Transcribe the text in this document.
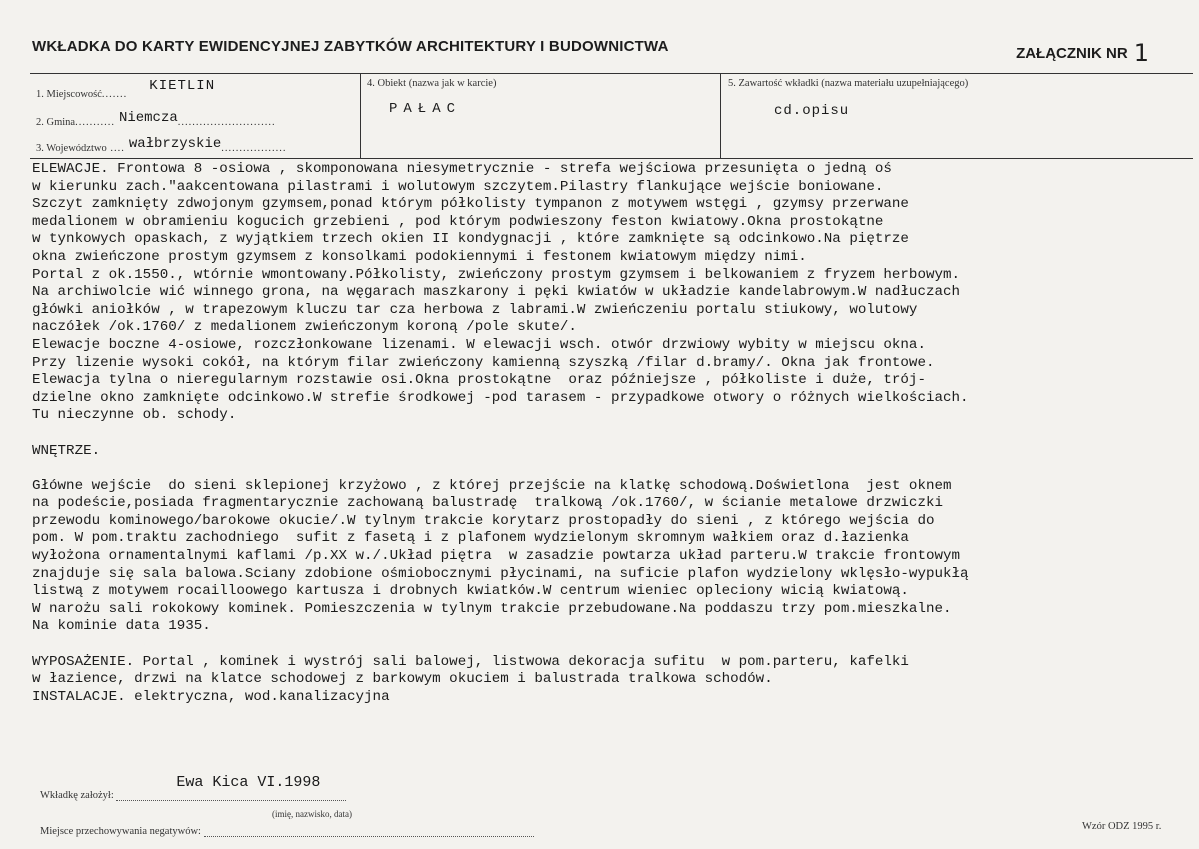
WKŁADKA DO KARTY EWIDENCYJNEJ ZABYTKÓW ARCHITEKTURY I BUDOWNICTWA	ZAŁĄCZNIK NR 1
1. Miejscowość....... KIETLIN
2. Gmina........... Niemcza...........................
3. Województwo .... wałbrzyskie..................
4. Obiekt (nazwa jak w karcie)
PAŁAC
5. Zawartość wkładki (nazwa materiału uzupełniającego)
cd.opisu
ELEWACJE. Frontowa 8 -osiowa , skomponowana niesymetrycznie - strefa wejściowa przesunięta o jedną oś
w kierunku zach."aakcentowana pilastrami i wolutowym szczytem.Pilastry flankujące wejście boniowane.
Szczyt zamknięty zdwojonym gzymsem,ponad którym półkolisty tympanon z motywem wstęgi , gzymsy przerwane
medalionem w obramieniu kogucich grzebieni , pod którym podwieszony feston kwiatowy.Okna prostokątne
w tynkowych opaskach, z wyjątkiem trzech okien II kondygnacji , które zamknięte są odcinkowo.Na piętrze
okna zwieńczone prostym gzymsem z konsolkami podokiennymi i festonem kwiatowym między nimi.
Portal z ok.1550., wtórnie wmontowany.Półkolisty, zwieńczony prostym gzymsem i belkowaniem z fryzem herbowym.
Na archiwolcie wić winnego grona, na węgarach maszkarony i pęki kwiatów w układzie kandelabrowym.W nadłuczach
główki aniołków , w trapezowym kluczu tar cza herbowa z labrami.W zwieńczeniu portalu stiukowy, wolutowy
naczółek /ok.1760/ z medalionem zwieńczonym koroną /pole skute/.
Elewacje boczne 4-osiowe, rozczłonkowane lizenami. W elewacji wsch. otwór drzwiowy wybity w miejscu okna.
Przy lizenie wysoki cokół, na którym filar zwieńczony kamienną szyszką /filar d.bramy/. Okna jak frontowe.
Elewacja tylna o nieregularnym rozstawie osi.Okna prostokątne  oraz późniejsze , półkoliste i duże, trój-
dzielne okno zamknięte odcinkowo.W strefie środkowej -pod tarasem - przypadkowe otwory o różnych wielkościach.
Tu nieczynne ob. schody.
WNĘTRZE.
Główne wejście  do sieni sklepionej krzyżowo , z której przejście na klatkę schodową.Doświetlona  jest oknem
na podeście,posiada fragmentarycznie zachowaną balustradę  tralkową /ok.1760/, w ścianie metalowe drzwiczki
przewodu kominowego/barokowe okucie/.W tylnym trakcie korytarz prostopadły do sieni , z którego wejścia do
pom. W pom.traktu zachodniego  sufit z fasetą i z plafonem wydzielonym skromnym wałkiem oraz d.łazienka
wyłożona ornamentalnymi kaflami /p.XX w./.Układ piętra  w zasadzie powtarza układ parteru.W trakcie frontowym
znajduje się sala balowa.Sciany zdobione ośmiobocznymi płycinami, na suficie plafon wydzielony wklęsło-wypukłą
listwą z motywem rocailloowego kartusza i drobnych kwiatków.W centrum wieniec opleciony wicią kwiatową.
W narożu sali rokokowy kominek. Pomieszczenia w tylnym trakcie przebudowane.Na poddaszu trzy pom.mieszkalne.
Na kominie data 1935.
WYPOSAŻENIE. Portal , kominek i wystrój sali balowej, listwowa dekoracja sufitu  w pom.parteru, kafelki
w łazience, drzwi na klatce schodowej z barkowym okuciem i balustrada tralkowa schodów.
INSTALACJE. elektryczna, wod.kanalizacyjna
Wkładkę założył:
Ewa Kica VI.1998
(imię, nazwisko, data)
Miejsce przechowywania negatywów:	Wzór ODZ 1995 r.
